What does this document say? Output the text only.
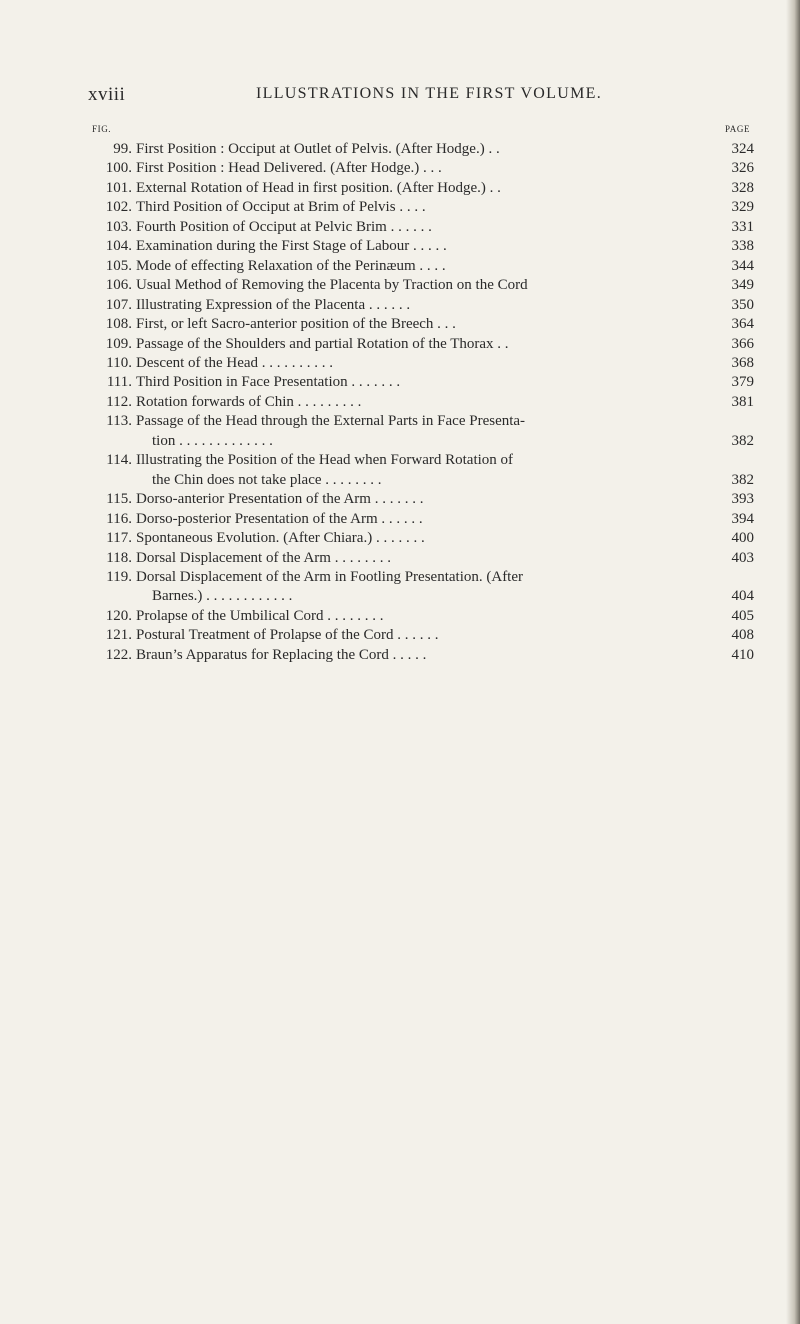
xviii	ILLUSTRATIONS IN THE FIRST VOLUME.
FIG.	PAGE
99. First Position : Occiput at Outlet of Pelvis. (After Hodge.) . .	324
100. First Position : Head Delivered. (After Hodge.) . . .	326
101. External Rotation of Head in first position. (After Hodge.) . .	328
102. Third Position of Occiput at Brim of Pelvis . . . .	329
103. Fourth Position of Occiput at Pelvic Brim . . . . . .	331
104. Examination during the First Stage of Labour . . . . .	338
105. Mode of effecting Relaxation of the Perinæum . . . .	344
106. Usual Method of Removing the Placenta by Traction on the Cord	349
107. Illustrating Expression of the Placenta . . . . . .	350
108. First, or left Sacro-anterior position of the Breech . . .	364
109. Passage of the Shoulders and partial Rotation of the Thorax . .	366
110. Descent of the Head . . . . . . . . . .	368
111. Third Position in Face Presentation . . . . . . .	379
112. Rotation forwards of Chin . . . . . . . . .	381
113. Passage of the Head through the External Parts in Face Presenta-
tion . . . . . . . . . . . . .	382
114. Illustrating the Position of the Head when Forward Rotation of
the Chin does not take place . . . . . . . .	382
115. Dorso-anterior Presentation of the Arm . . . . . . .	393
116. Dorso-posterior Presentation of the Arm . . . . . .	394
117. Spontaneous Evolution. (After Chiara.) . . . . . . .	400
118. Dorsal Displacement of the Arm . . . . . . . .	403
119. Dorsal Displacement of the Arm in Footling Presentation. (After
Barnes.) . . . . . . . . . . . .	404
120. Prolapse of the Umbilical Cord . . . . . . . .	405
121. Postural Treatment of Prolapse of the Cord . . . . . .	408
122. Braun’s Apparatus for Replacing the Cord . . . . .	410
